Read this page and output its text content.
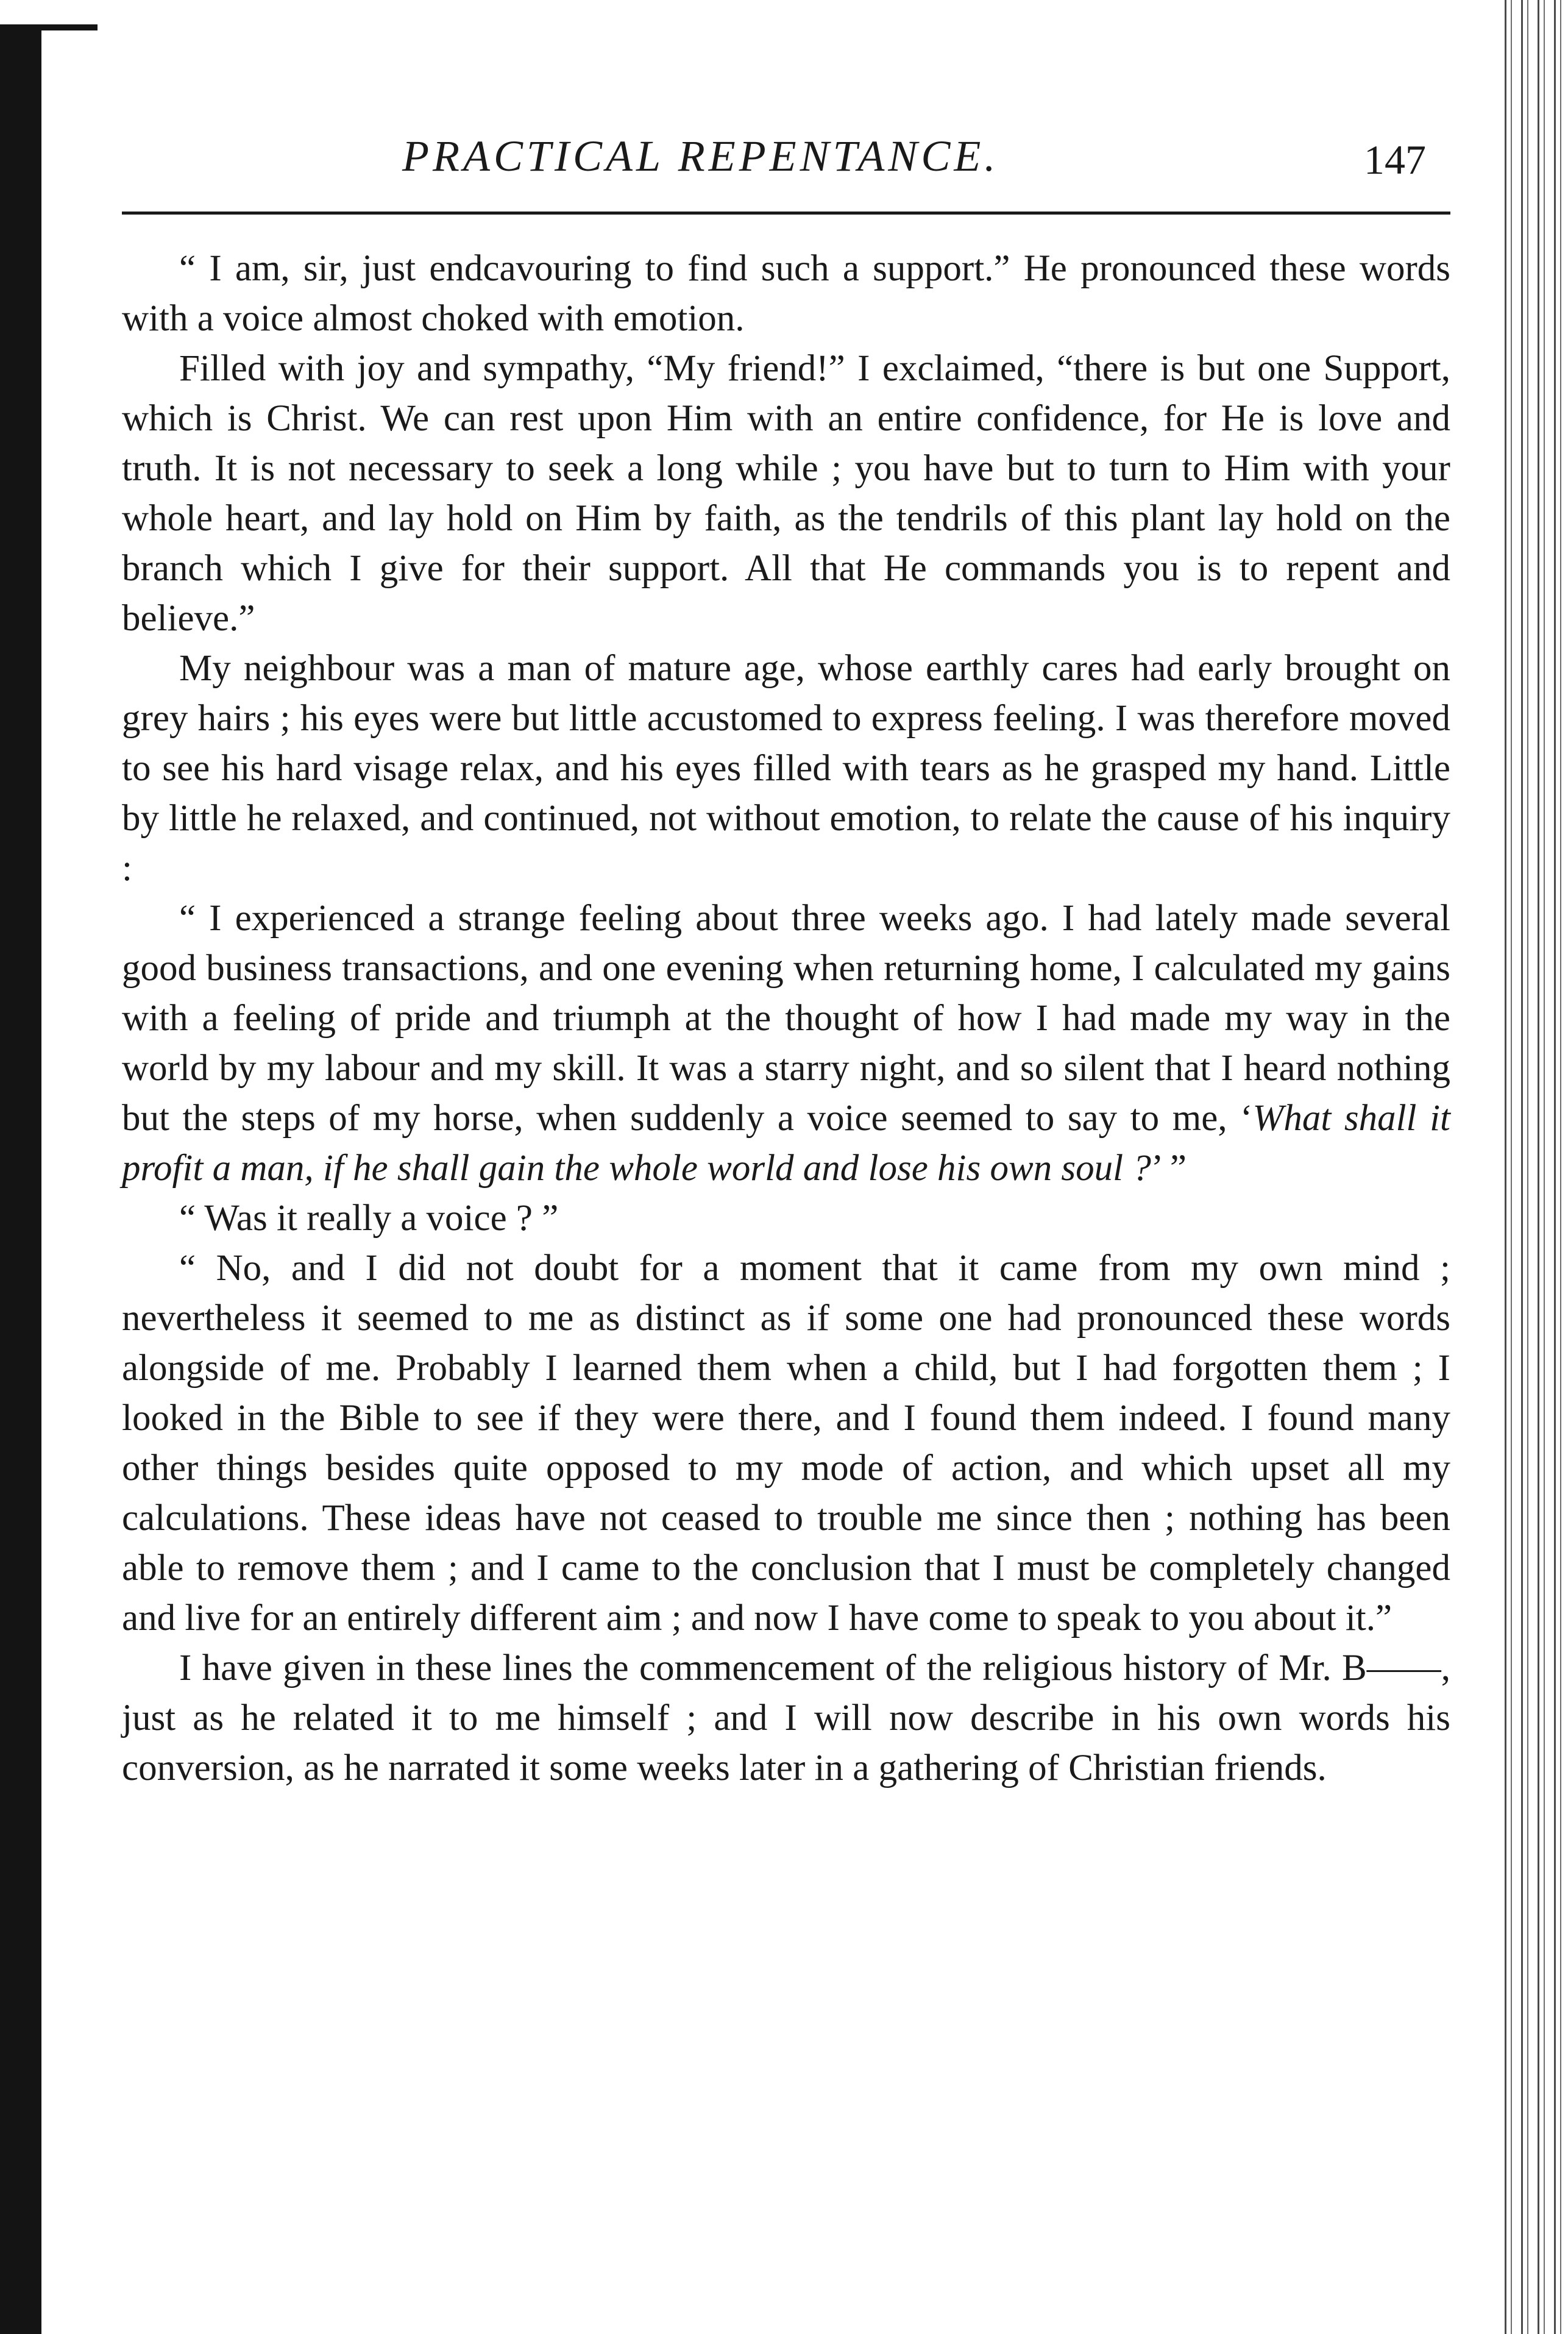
PRACTICAL REPENTANCE.	147

“ I am, sir, just endcavouring to find such a support.” He pronounced these words with a voice almost choked with emotion.

Filled with joy and sympathy, “My friend!” I exclaimed, “there is but one Support, which is Christ. We can rest upon Him with an entire confidence, for He is love and truth. It is not necessary to seek a long while ; you have but to turn to Him with your whole heart, and lay hold on Him by faith, as the tendrils of this plant lay hold on the branch which I give for their support. All that He commands you is to repent and believe.”

My neighbour was a man of mature age, whose earthly cares had early brought on grey hairs ; his eyes were but little accustomed to express feeling. I was therefore moved to see his hard visage relax, and his eyes filled with tears as he grasped my hand. Little by little he relaxed, and continued, not without emotion, to relate the cause of his inquiry :

“ I experienced a strange feeling about three weeks ago. I had lately made several good business transactions, and one evening when returning home, I calculated my gains with a feeling of pride and triumph at the thought of how I had made my way in the world by my labour and my skill. It was a starry night, and so silent that I heard nothing but the steps of my horse, when suddenly a voice seemed to say to me, ‘What shall it profit a man, if he shall gain the whole world and lose his own soul ?’ ”

“ Was it really a voice ? ”

“ No, and I did not doubt for a moment that it came from my own mind ; nevertheless it seemed to me as distinct as if some one had pronounced these words alongside of me. Probably I learned them when a child, but I had forgotten them ; I looked in the Bible to see if they were there, and I found them indeed. I found many other things besides quite opposed to my mode of action, and which upset all my calculations. These ideas have not ceased to trouble me since then ; nothing has been able to remove them ; and I came to the conclusion that I must be completely changed and live for an entirely different aim ; and now I have come to speak to you about it.”

I have given in these lines the commencement of the religious history of Mr. B——, just as he related it to me himself ; and I will now describe in his own words his conversion, as he narrated it some weeks later in a gathering of Christian friends.
